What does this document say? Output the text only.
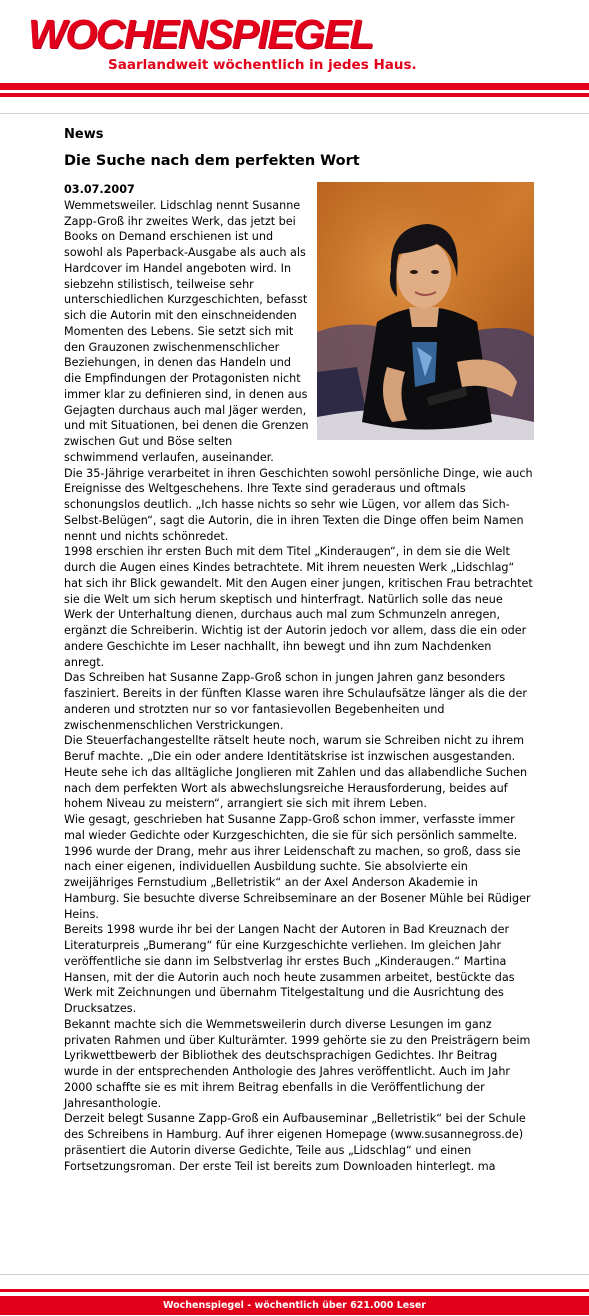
WOCHENSPIEGEL
Saarlandweit wöchentlich in jedes Haus.
News
Die Suche nach dem perfekten Wort
03.07.2007

Wemmetsweiler. Lidschlag nennt Susanne Zapp-Groß ihr zweites Werk, das jetzt bei Books on Demand erschienen ist und sowohl als Paperback-Ausgabe als auch als Hardcover im Handel angeboten wird. In siebzehn stilistisch, teilweise sehr unterschiedlichen Kurzgeschichten, befasst sich die Autorin mit den einschneidenden Momenten des Lebens. Sie setzt sich mit den Grauzonen zwischenmenschlicher Beziehungen, in denen das Handeln und die Empfindungen der Protagonisten nicht immer klar zu definieren sind, in denen aus Gejagten durchaus auch mal Jäger werden, und mit Situationen, bei denen die Grenzen zwischen Gut und Böse selten schwimmend verlaufen, auseinander.

Die 35-Jährige verarbeitet in ihren Geschichten sowohl persönliche Dinge, wie auch Ereignisse des Weltgeschehens. Ihre Texte sind geraderaus und oftmals schonungslos deutlich. „Ich hasse nichts so sehr wie Lügen, vor allem das Sich-Selbst-Belügen“, sagt die Autorin, die in ihren Texten die Dinge offen beim Namen nennt und nichts schönredet.

1998 erschien ihr ersten Buch mit dem Titel „Kinderaugen“, in dem sie die Welt durch die Augen eines Kindes betrachtete. Mit ihrem neuesten Werk „Lidschlag“ hat sich ihr Blick gewandelt. Mit den Augen einer jungen, kritischen Frau betrachtet sie die Welt um sich herum skeptisch und hinterfragt. Natürlich solle das neue Werk der Unterhaltung dienen, durchaus auch mal zum Schmunzeln anregen, ergänzt die Schreiberin. Wichtig ist der Autorin jedoch vor allem, dass die ein oder andere Geschichte im Leser nachhallt, ihn bewegt und ihn zum Nachdenken anregt.

Das Schreiben hat Susanne Zapp-Groß schon in jungen Jahren ganz besonders fasziniert. Bereits in der fünften Klasse waren ihre Schulaufsätze länger als die der anderen und strotzten nur so vor fantasievollen Begebenheiten und zwischenmenschlichen Verstrickungen.

Die Steuerfachangestellte rätselt heute noch, warum sie Schreiben nicht zu ihrem Beruf machte. „Die ein oder andere Identitätskrise ist inzwischen ausgestanden. Heute sehe ich das alltägliche Jonglieren mit Zahlen und das allabendliche Suchen nach dem perfekten Wort als abwechslungsreiche Herausforderung, beides auf hohem Niveau zu meistern“, arrangiert sie sich mit ihrem Leben.

Wie gesagt, geschrieben hat Susanne Zapp-Groß schon immer, verfasste immer mal wieder Gedichte oder Kurzgeschichten, die sie für sich persönlich sammelte.

1996 wurde der Drang, mehr aus ihrer Leidenschaft zu machen, so groß, dass sie nach einer eigenen, individuellen Ausbildung suchte. Sie absolvierte ein zweijähriges Fernstudium „Belletristik“ an der Axel Anderson Akademie in Hamburg. Sie besuchte diverse Schreibseminare an der Bosener Mühle bei Rüdiger Heins.

Bereits 1998 wurde ihr bei der Langen Nacht der Autoren in Bad Kreuznach der Literaturpreis „Bumerang“ für eine Kurzgeschichte verliehen. Im gleichen Jahr veröffentliche sie dann im Selbstverlag ihr erstes Buch „Kinderaugen.“ Martina Hansen, mit der die Autorin auch noch heute zusammen arbeitet, bestückte das Werk mit Zeichnungen und übernahm Titelgestaltung und die Ausrichtung des Drucksatzes.

Bekannt machte sich die Wemmetsweilerin durch diverse Lesungen im ganz privaten Rahmen und über Kulturämter. 1999 gehörte sie zu den Preisträgern beim Lyrikwettbewerb der Bibliothek des deutschsprachigen Gedichtes. Ihr Beitrag wurde in der entsprechenden Anthologie des Jahres veröffentlicht. Auch im Jahr 2000 schaffte sie es mit ihrem Beitrag ebenfalls in die Veröffentlichung der Jahresanthologie.

Derzeit belegt Susanne Zapp-Groß ein Aufbauseminar „Belletristik“ bei der Schule des Schreibens in Hamburg. Auf ihrer eigenen Homepage (www.susannegross.de) präsentiert die Autorin diverse Gedichte, Teile aus „Lidschlag“ und einen Fortsetzungsroman. Der erste Teil ist bereits zum Downloaden hinterlegt. ma

Wochenspiegel - wöchentlich über 621.000 Leser
